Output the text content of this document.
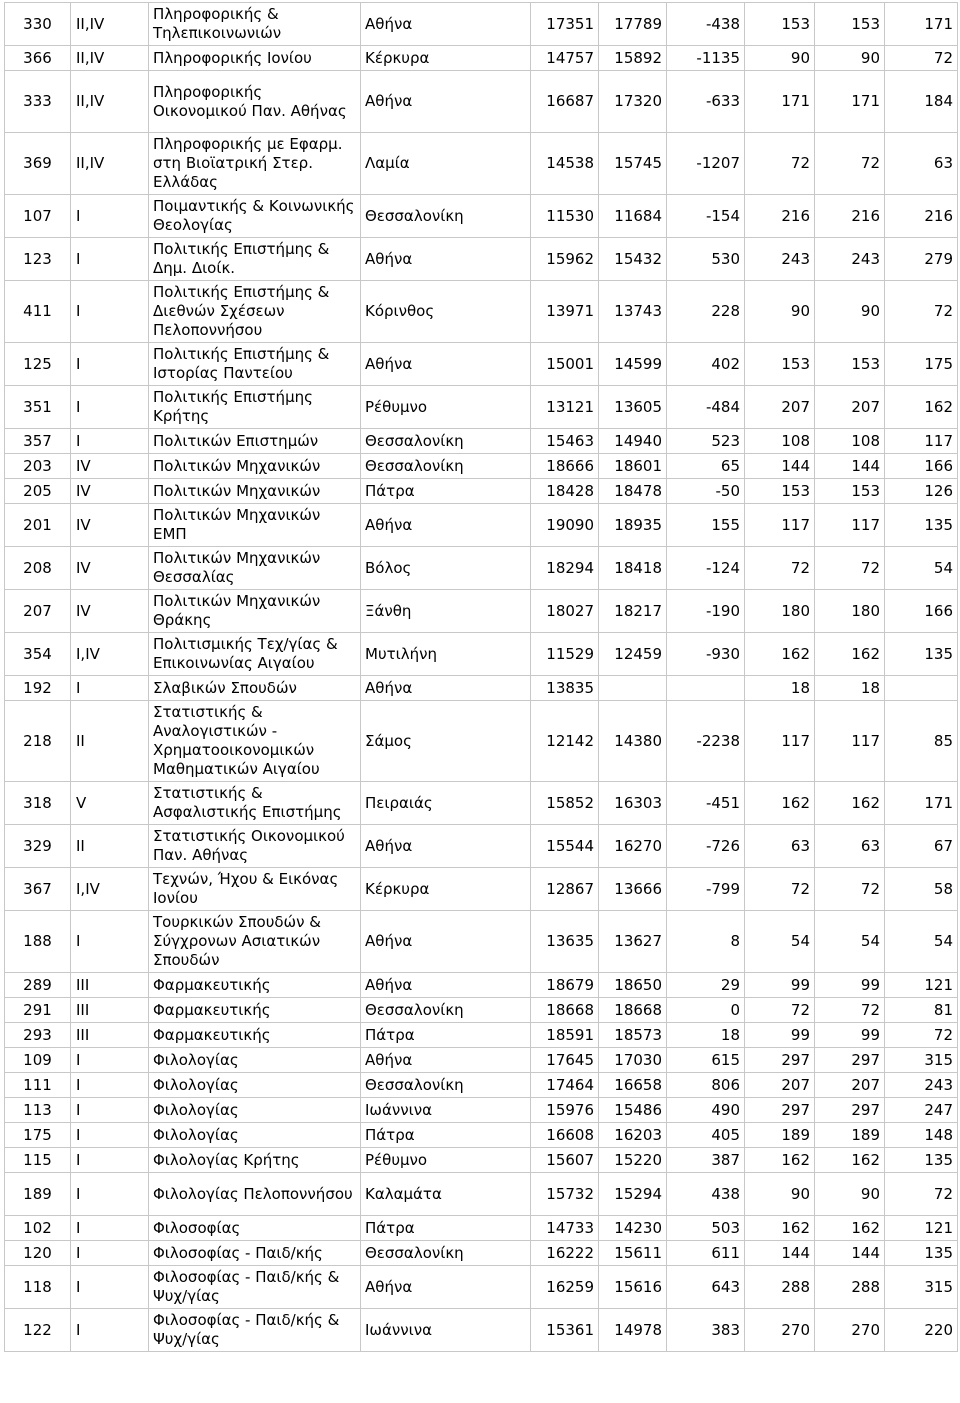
330	II,IV	Πληροφορικής & Τηλεπικοινωνιών	Αθήνα	17351	17789	-438	153	153	171
366	II,IV	Πληροφορικής Ιονίου	Κέρκυρα	14757	15892	-1135	90	90	72
333	II,IV	Πληροφορικής Οικονομικού Παν. Αθήνας	Αθήνα	16687	17320	-633	171	171	184
369	II,IV	Πληροφορικής με Εφαρμ. στη Βιοϊατρική Στερ. Ελλάδας	Λαμία	14538	15745	-1207	72	72	63
107	I	Ποιμαντικής & Κοινωνικής Θεολογίας	Θεσσαλονίκη	11530	11684	-154	216	216	216
123	I	Πολιτικής Επιστήμης & Δημ. Διοίκ.	Αθήνα	15962	15432	530	243	243	279
411	I	Πολιτικής Επιστήμης & Διεθνών Σχέσεων Πελοποννήσου	Κόρινθος	13971	13743	228	90	90	72
125	I	Πολιτικής Επιστήμης & Ιστορίας Παντείου	Αθήνα	15001	14599	402	153	153	175
351	I	Πολιτικής Επιστήμης Κρήτης	Ρέθυμνο	13121	13605	-484	207	207	162
357	I	Πολιτικών Επιστημών	Θεσσαλονίκη	15463	14940	523	108	108	117
203	IV	Πολιτικών Μηχανικών	Θεσσαλονίκη	18666	18601	65	144	144	166
205	IV	Πολιτικών Μηχανικών	Πάτρα	18428	18478	-50	153	153	126
201	IV	Πολιτικών Μηχανικών ΕΜΠ	Αθήνα	19090	18935	155	117	117	135
208	IV	Πολιτικών Μηχανικών Θεσσαλίας	Βόλος	18294	18418	-124	72	72	54
207	IV	Πολιτικών Μηχανικών Θράκης	Ξάνθη	18027	18217	-190	180	180	166
354	I,IV	Πολιτισμικής Τεχ/γίας & Επικοινωνίας Αιγαίου	Μυτιλήνη	11529	12459	-930	162	162	135
192	I	Σλαβικών Σπουδών	Αθήνα	13835			18	18	
218	II	Στατιστικής & Αναλογιστικών - Χρηματοοικονομικών Μαθηματικών Αιγαίου	Σάμος	12142	14380	-2238	117	117	85
318	V	Στατιστικής & Ασφαλιστικής Επιστήμης	Πειραιάς	15852	16303	-451	162	162	171
329	II	Στατιστικής Οικονομικού Παν. Αθήνας	Αθήνα	15544	16270	-726	63	63	67
367	I,IV	Τεχνών, Ήχου & Εικόνας Ιονίου	Κέρκυρα	12867	13666	-799	72	72	58
188	I	Τουρκικών Σπουδών & Σύγχρονων Ασιατικών Σπουδών	Αθήνα	13635	13627	8	54	54	54
289	III	Φαρμακευτικής	Αθήνα	18679	18650	29	99	99	121
291	III	Φαρμακευτικής	Θεσσαλονίκη	18668	18668	0	72	72	81
293	III	Φαρμακευτικής	Πάτρα	18591	18573	18	99	99	72
109	I	Φιλολογίας	Αθήνα	17645	17030	615	297	297	315
111	I	Φιλολογίας	Θεσσαλονίκη	17464	16658	806	207	207	243
113	I	Φιλολογίας	Ιωάννινα	15976	15486	490	297	297	247
175	I	Φιλολογίας	Πάτρα	16608	16203	405	189	189	148
115	I	Φιλολογίας Κρήτης	Ρέθυμνο	15607	15220	387	162	162	135
189	I	Φιλολογίας Πελοποννήσου	Καλαμάτα	15732	15294	438	90	90	72
102	I	Φιλοσοφίας	Πάτρα	14733	14230	503	162	162	121
120	I	Φιλοσοφίας - Παιδ/κής	Θεσσαλονίκη	16222	15611	611	144	144	135
118	I	Φιλοσοφίας - Παιδ/κής & Ψυχ/γίας	Αθήνα	16259	15616	643	288	288	315
122	I	Φιλοσοφίας - Παιδ/κής & Ψυχ/γίας	Ιωάννινα	15361	14978	383	270	270	220
